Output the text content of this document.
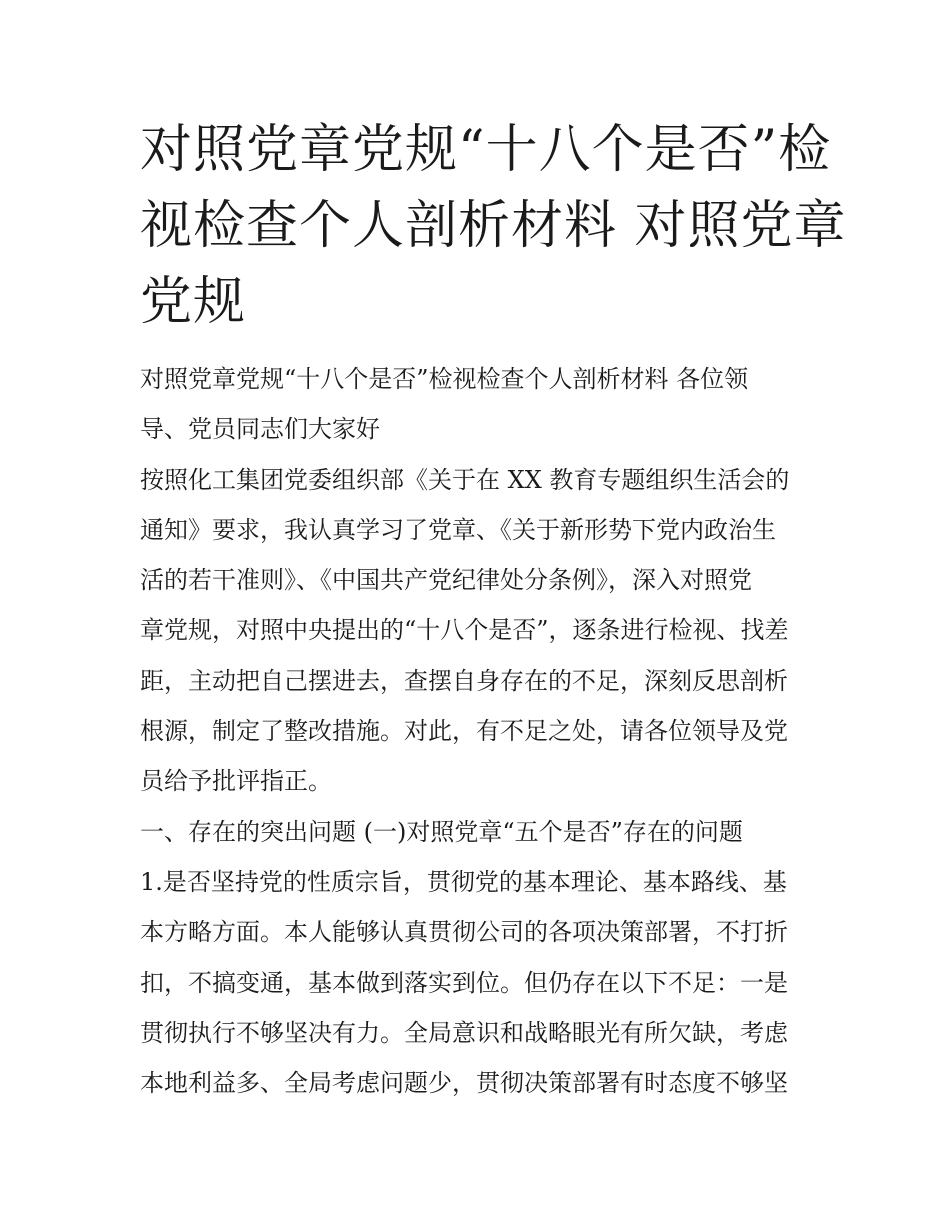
对照党章党规“十八个是否”检
视检查个人剖析材料 对照党章
党规
对照党章党规“十八个是否”检视检查个人剖析材料 各位领
导、党员同志们大家好
按照化工集团党委组织部《关于在 XX 教育专题组织生活会的
通知》要求，我认真学习了党章、《关于新形势下党内政治生
活的若干准则》、《中国共产党纪律处分条例》，深入对照党
章党规，对照中央提出的“十八个是否”，逐条进行检视、找差
距，主动把自己摆进去，查摆自身存在的不足，深刻反思剖析
根源，制定了整改措施。对此，有不足之处，请各位领导及党
员给予批评指正。
一、存在的突出问题 (一)对照党章“五个是否”存在的问题
1.是否坚持党的性质宗旨，贯彻党的基本理论、基本路线、基
本方略方面。本人能够认真贯彻公司的各项决策部署，不打折
扣，不搞变通，基本做到落实到位。但仍存在以下不足：一是
贯彻执行不够坚决有力。全局意识和战略眼光有所欠缺，考虑
本地利益多、全局考虑问题少，贯彻决策部署有时态度不够坚
